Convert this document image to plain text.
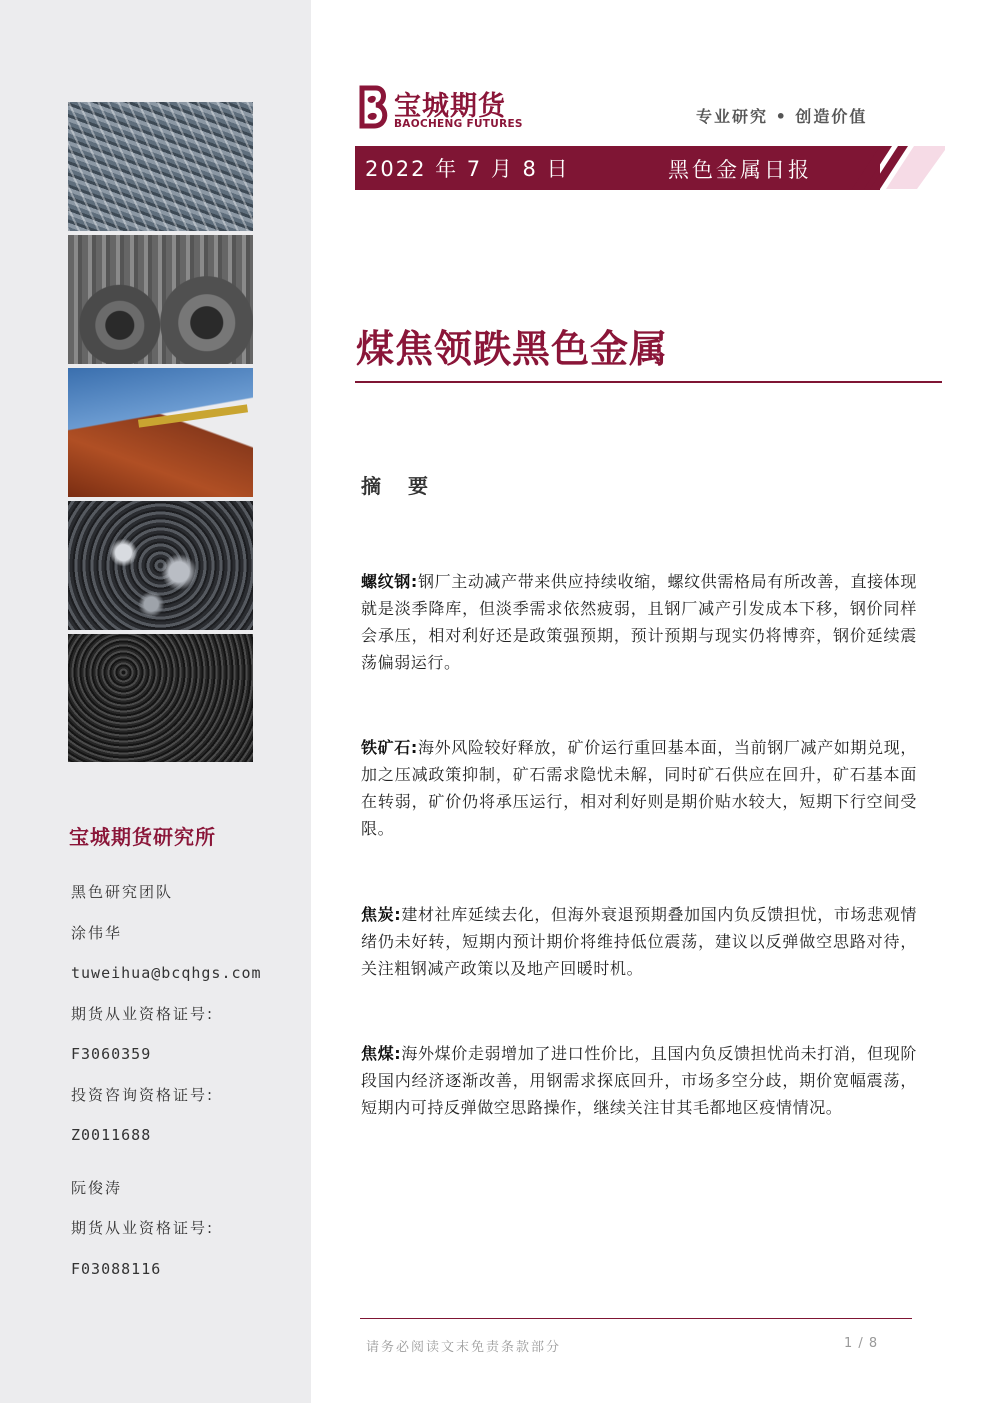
宝城期货研究所
黑色研究团队
涂伟华
tuweihua@bcqhgs.com
期货从业资格证号:
F3060359
投资咨询资格证号:
Z0011688
阮俊涛
期货从业资格证号:
F03088116
宝城期货
BAOCHENG FUTURES	专业研究 • 创造价值
2022 年 7 月 8 日	黑色金属日报
煤焦领跌黑色金属
摘 要

螺纹钢:钢厂主动减产带来供应持续收缩，螺纹供需格局有所改善，直接体现就是淡季降库，但淡季需求依然疲弱，且钢厂减产引发成本下移，钢价同样会承压，相对利好还是政策强预期，预计预期与现实仍将博弈，钢价延续震荡偏弱运行。

铁矿石:海外风险较好释放，矿价运行重回基本面，当前钢厂减产如期兑现，加之压减政策抑制，矿石需求隐忧未解，同时矿石供应在回升，矿石基本面在转弱，矿价仍将承压运行，相对利好则是期价贴水较大，短期下行空间受限。

焦炭:建材社库延续去化，但海外衰退预期叠加国内负反馈担忧，市场悲观情绪仍未好转，短期内预计期价将维持低位震荡，建议以反弹做空思路对待，关注粗钢减产政策以及地产回暖时机。

焦煤:海外煤价走弱增加了进口性价比，且国内负反馈担忧尚未打消，但现阶段国内经济逐渐改善，用钢需求探底回升，市场多空分歧，期价宽幅震荡，短期内可持反弹做空思路操作，继续关注甘其毛都地区疫情情况。

请务必阅读文末免责条款部分	1 / 8
